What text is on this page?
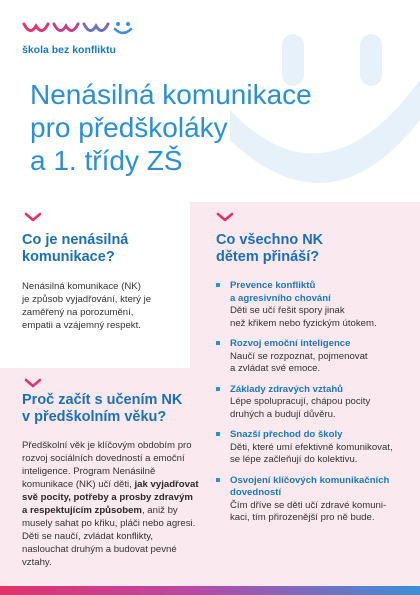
škola bez konfliktu
Nenásilná komunikace
pro předškoláky
a 1. třídy ZŠ
Co je nenásilná
komunikace?

Nenásilná komunikace (NK)
je způsob vyjadřování, který je
zaměřený na porozumění,
empatii a vzájemný respekt.

Proč začít s učením NK
v předškolním věku?

Předškolní věk je klíčovým obdobím pro rozvoj sociálních dovedností a emoční inteligence. Program Nenásilně komunikace (NK) učí děti, jak vyjadřovat svě pocity, potřeby a prosby zdravým a respektujícím způsobem, aniž by musely sahat po křiku, pláči nebo agresi. Děti se naučí, zvládat konflikty, naslouchat druhým a budovat pevné vztahy.

Co všechno NK
dětem přináší?
Prevence konfliktů
a agresivního chování
Děti se učí řešit spory jinak
než křikem nebo fyzickým útokem.
Rozvoj emoční inteligence
Naučí se rozpoznat, pojmenovat
a zvládat své emoce.
Základy zdravých vztahů
Lépe spolupracují, chápou pocity
druhých a budují důvěru.
Snazší přechod do školy
Děti, které umí efektivně komunikovat,
se lépe začleňují do kolektivu.
Osvojení klíčových komunikačních
dovedností
Čím dříve se děti učí zdravé komuni-
kaci, tím přirozenější pro ně bude.
